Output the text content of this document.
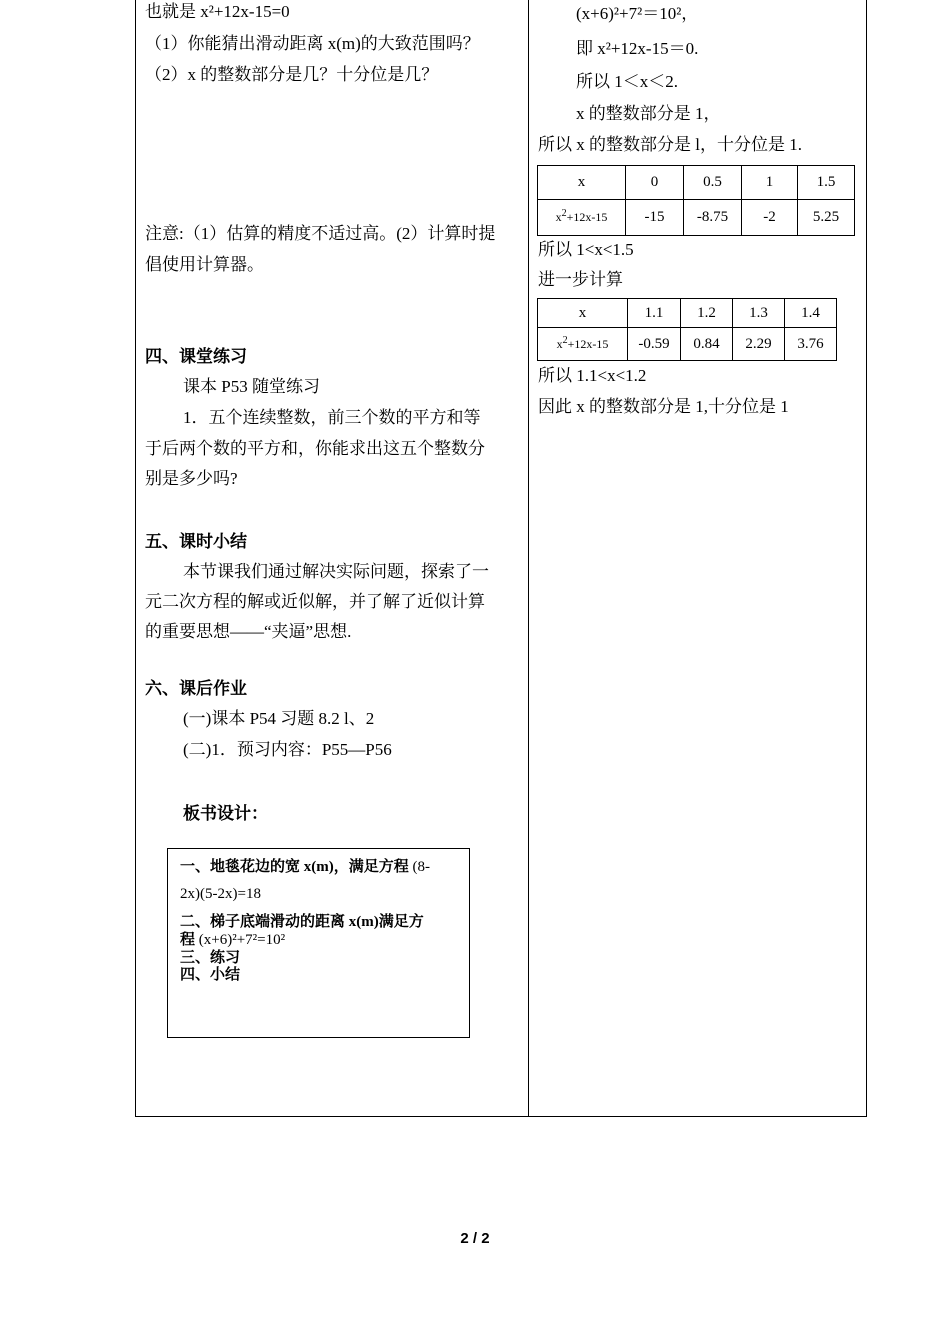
也就是 x²+12x-15=0
（1）你能猜出滑动距离 x(m)的大致范围吗？
（2）x 的整数部分是几？十分位是几？
注意:（1）估算的精度不适过高。(2）计算时提
倡使用计算器。
四、课堂练习
课本 P53 随堂练习
1．五个连续整数，前三个数的平方和等
于后两个数的平方和，你能求出这五个整数分
别是多少吗?
五、课时小结
本节课我们通过解决实际问题，探索了一
元二次方程的解或近似解，并了解了近似计算
的重要思想——“夹逼”思想.
六、课后作业
(一)课本 P54 习题 8.2 l、2
(二)1．预习内容：P55—P56
板书设计：
一、地毯花边的宽 x(m)，满足方程 (8-
2x)(5-2x)=18
二、梯子底端滑动的距离 x(m)满足方
程 (x+6)²+7²=10²
三、练习
四、小结
(x+6)²+7²＝10²，
即 x²+12x-15＝0.
所以 1＜x＜2.
x 的整数部分是 1，
所以 x 的整数部分是 l，十分位是 1.
x	0	0.5	1	1.5
$x^2+12x-15$	-15	-8.75	-2	5.25
所以 1<x<1.5
进一步计算
x	1.1	1.2	1.3	1.4
$x^2+12x-15$	-0.59	0.84	2.29	3.76
所以 1.1<x<1.2
因此 x 的整数部分是 1,十分位是 1
2 / 2
